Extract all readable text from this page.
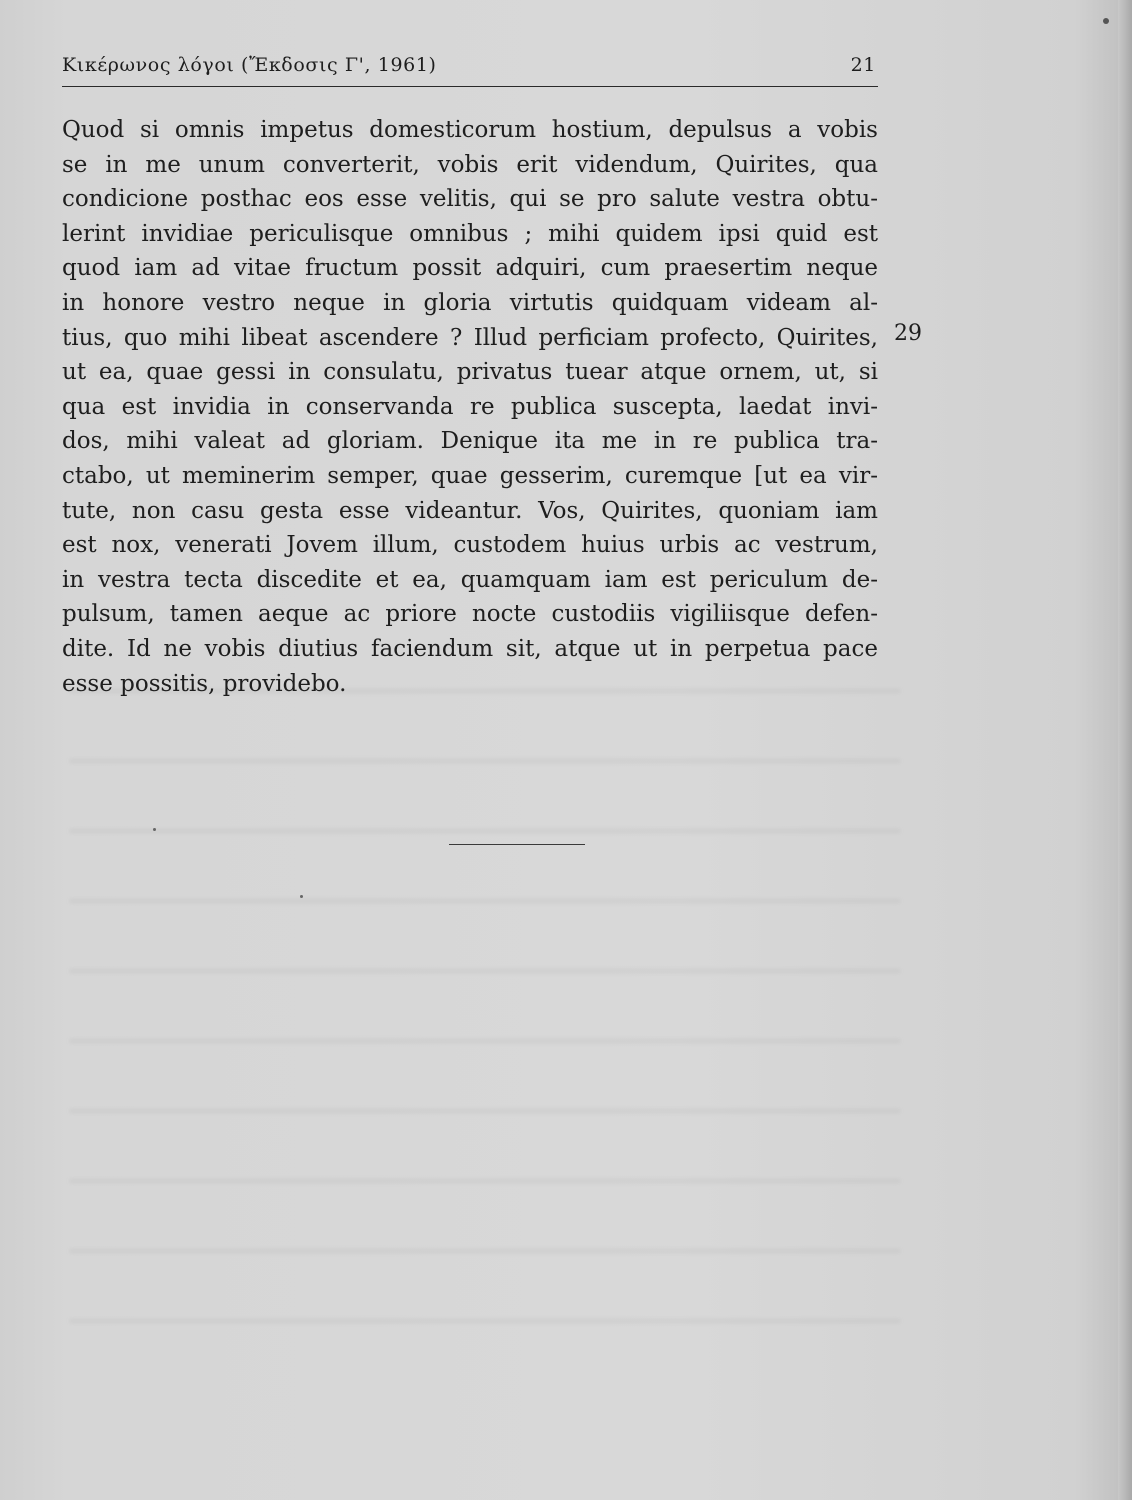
Κικέρωνος λόγοι (Ἔκδοσις Γ', 1961)	21
Quod si omnis impetus domesticorum hostium, depulsus a vobis
se in me unum converterit, vobis erit videndum, Quirites, qua
condicione posthac eos esse velitis, qui se pro salute vestra obtu-
lerint invidiae periculisque omnibus ; mihi quidem ipsi quid est
quod iam ad vitae fructum possit adquiri, cum praesertim neque
in honore vestro neque in gloria virtutis quidquam videam al-
tius, quo mihi libeat ascendere ? Illud perficiam profecto, Quirites,
ut ea, quae gessi in consulatu, privatus tuear atque ornem, ut, si
qua est invidia in conservanda re publica suscepta, laedat invi-
dos, mihi valeat ad gloriam. Denique ita me in re publica tra-
ctabo, ut meminerim semper, quae gesserim, curemque [ut ea vir-
tute, non casu gesta esse videantur. Vos, Quirites, quoniam iam
est nox, venerati Jovem illum, custodem huius urbis ac vestrum,
in vestra tecta discedite et ea, quamquam iam est periculum de-
pulsum, tamen aeque ac priore nocte custodiis vigiliisque defen-
dite. Id ne vobis diutius faciendum sit, atque ut in perpetua pace
esse possitis, providebo.
29
